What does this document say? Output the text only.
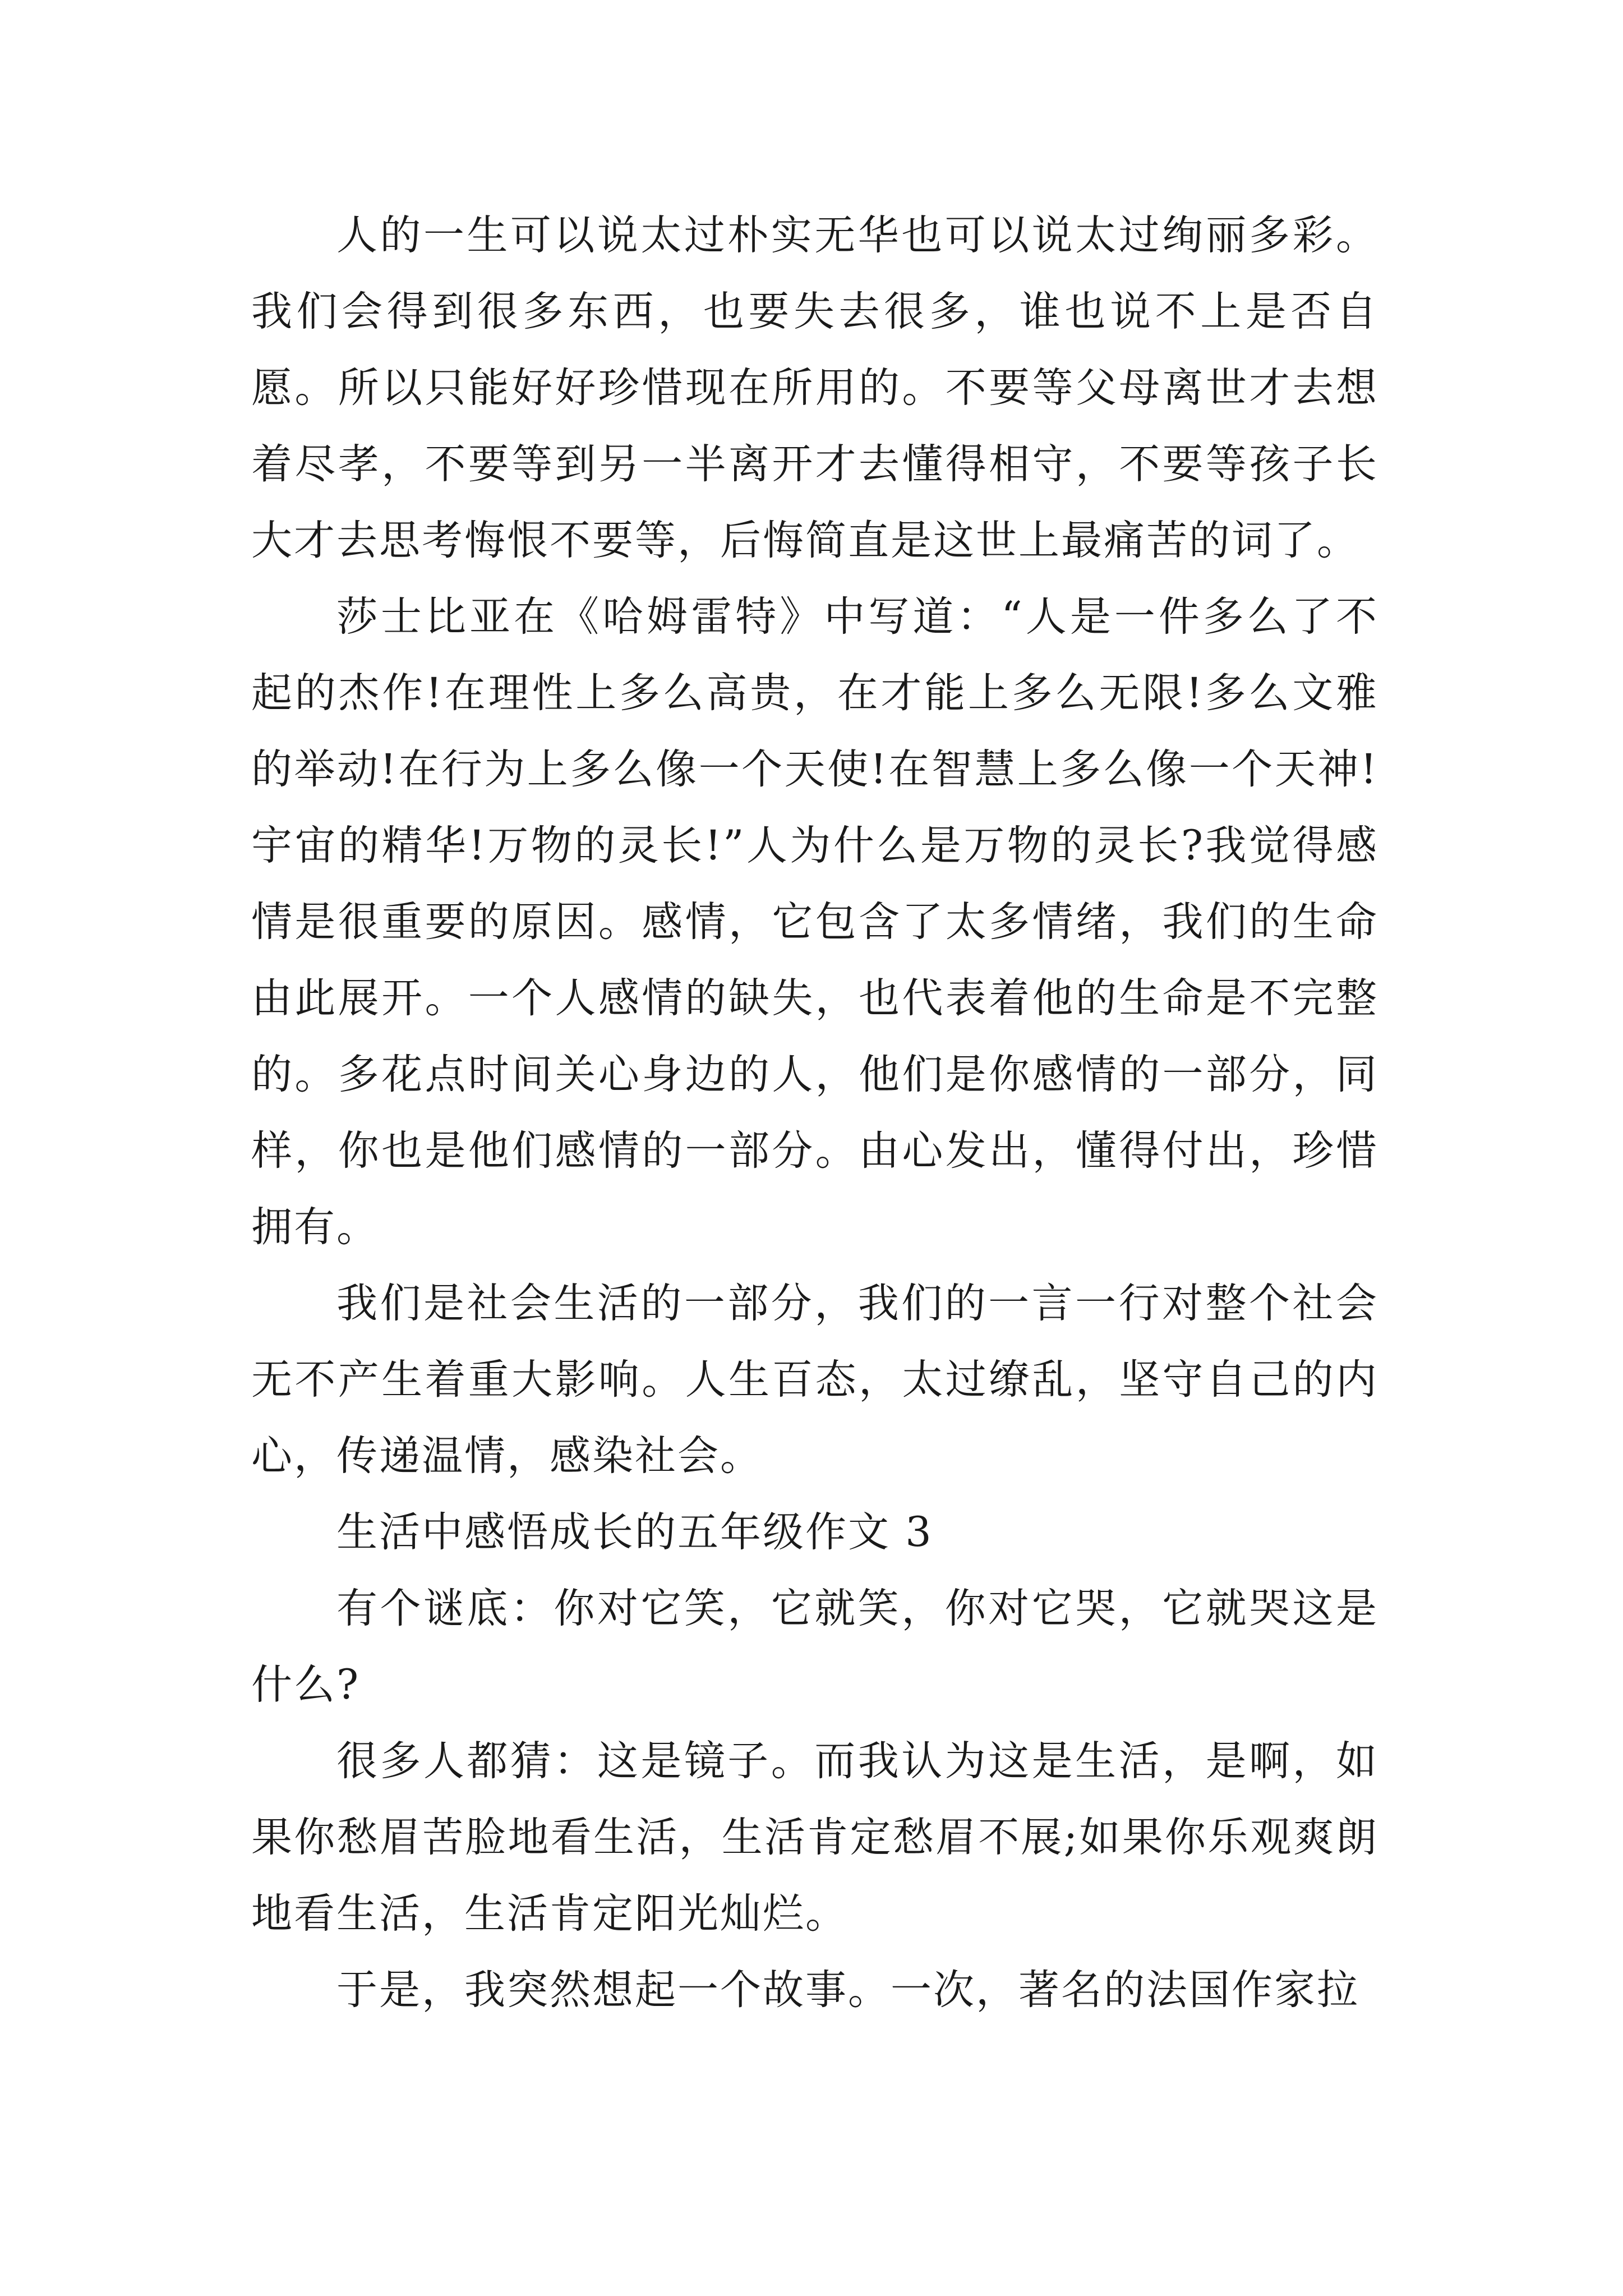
人的一生可以说太过朴实无华也可以说太过绚丽多彩。我们会得到很多东西，也要失去很多，谁也说不上是否自愿。所以只能好好珍惜现在所用的。不要等父母离世才去想着尽孝，不要等到另一半离开才去懂得相守，不要等孩子长大才去思考悔恨不要等，后悔简直是这世上最痛苦的词了。

莎士比亚在《哈姆雷特》中写道：“人是一件多么了不起的杰作!在理性上多么高贵，在才能上多么无限!多么文雅的举动!在行为上多么像一个天使!在智慧上多么像一个天神!宇宙的精华!万物的灵长!”人为什么是万物的灵长?我觉得感情是很重要的原因。感情，它包含了太多情绪，我们的生命由此展开。一个人感情的缺失，也代表着他的生命是不完整的。多花点时间关心身边的人，他们是你感情的一部分，同样，你也是他们感情的一部分。由心发出，懂得付出，珍惜拥有。

我们是社会生活的一部分，我们的一言一行对整个社会无不产生着重大影响。人生百态，太过缭乱，坚守自己的内心，传递温情，感染社会。

生活中感悟成长的五年级作文 3

有个谜底：你对它笑，它就笑，你对它哭，它就哭这是什么?

很多人都猜：这是镜子。而我认为这是生活，是啊，如果你愁眉苦脸地看生活，生活肯定愁眉不展;如果你乐观爽朗地看生活，生活肯定阳光灿烂。

于是，我突然想起一个故事。一次，著名的法国作家拉
